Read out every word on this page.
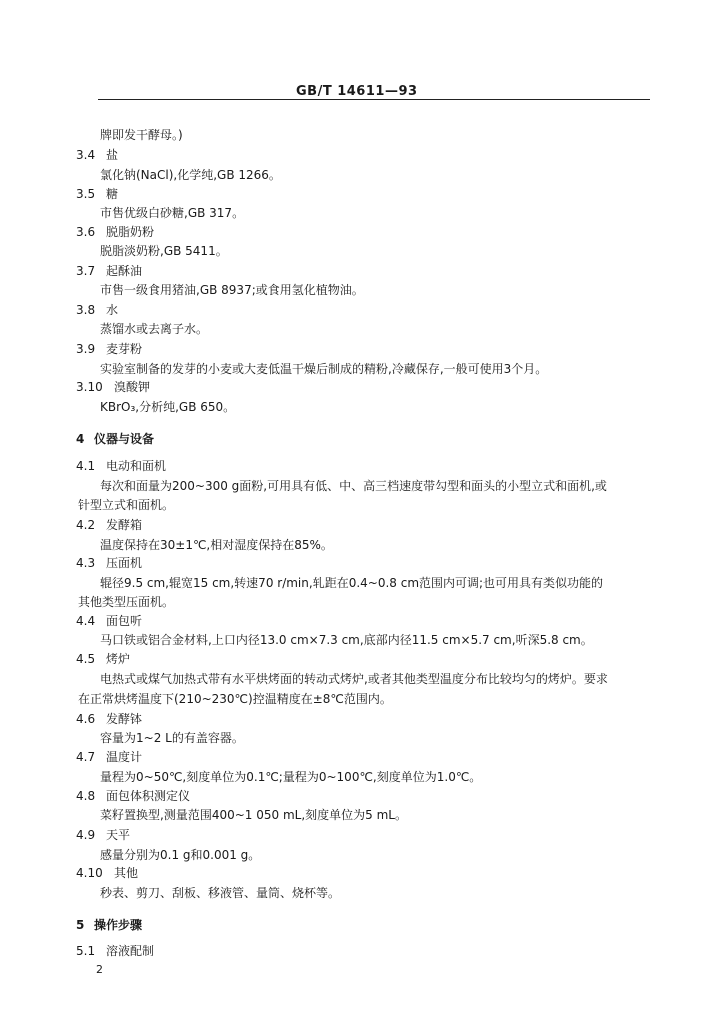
GB/T 14611—93
牌即发干酵母。)
3.4 盐
氯化钠(NaCl),化学纯,GB 1266。
3.5 糖
市售优级白砂糖,GB 317。
3.6 脱脂奶粉
脱脂淡奶粉,GB 5411。
3.7 起酥油
市售一级食用猪油,GB 8937;或食用氢化植物油。
3.8 水
蒸馏水或去离子水。
3.9 麦芽粉
实验室制备的发芽的小麦或大麦低温干燥后制成的精粉,冷藏保存,一般可使用3个月。
3.10 溴酸钾
KBrO₃,分析纯,GB 650。
4 仪器与设备
4.1 电动和面机
每次和面量为200~300 g面粉,可用具有低、中、高三档速度带勾型和面头的小型立式和面机,或
针型立式和面机。
4.2 发酵箱
温度保持在30±1℃,相对湿度保持在85%。
4.3 压面机
辊径9.5 cm,辊宽15 cm,转速70 r/min,轧距在0.4~0.8 cm范围内可调;也可用具有类似功能的
其他类型压面机。
4.4 面包听
马口铁或铝合金材料,上口内径13.0 cm×7.3 cm,底部内径11.5 cm×5.7 cm,听深5.8 cm。
4.5 烤炉
电热式或煤气加热式带有水平烘烤面的转动式烤炉,或者其他类型温度分布比较均匀的烤炉。要求
在正常烘烤温度下(210~230℃)控温精度在±8℃范围内。
4.6 发酵钵
容量为1~2 L的有盖容器。
4.7 温度计
量程为0~50℃,刻度单位为0.1℃;量程为0~100℃,刻度单位为1.0℃。
4.8 面包体积测定仪
菜籽置换型,测量范围400~1 050 mL,刻度单位为5 mL。
4.9 天平
感量分别为0.1 g和0.001 g。
4.10 其他
秒表、剪刀、刮板、移液管、量筒、烧杯等。
5 操作步骤
5.1 溶液配制
2
